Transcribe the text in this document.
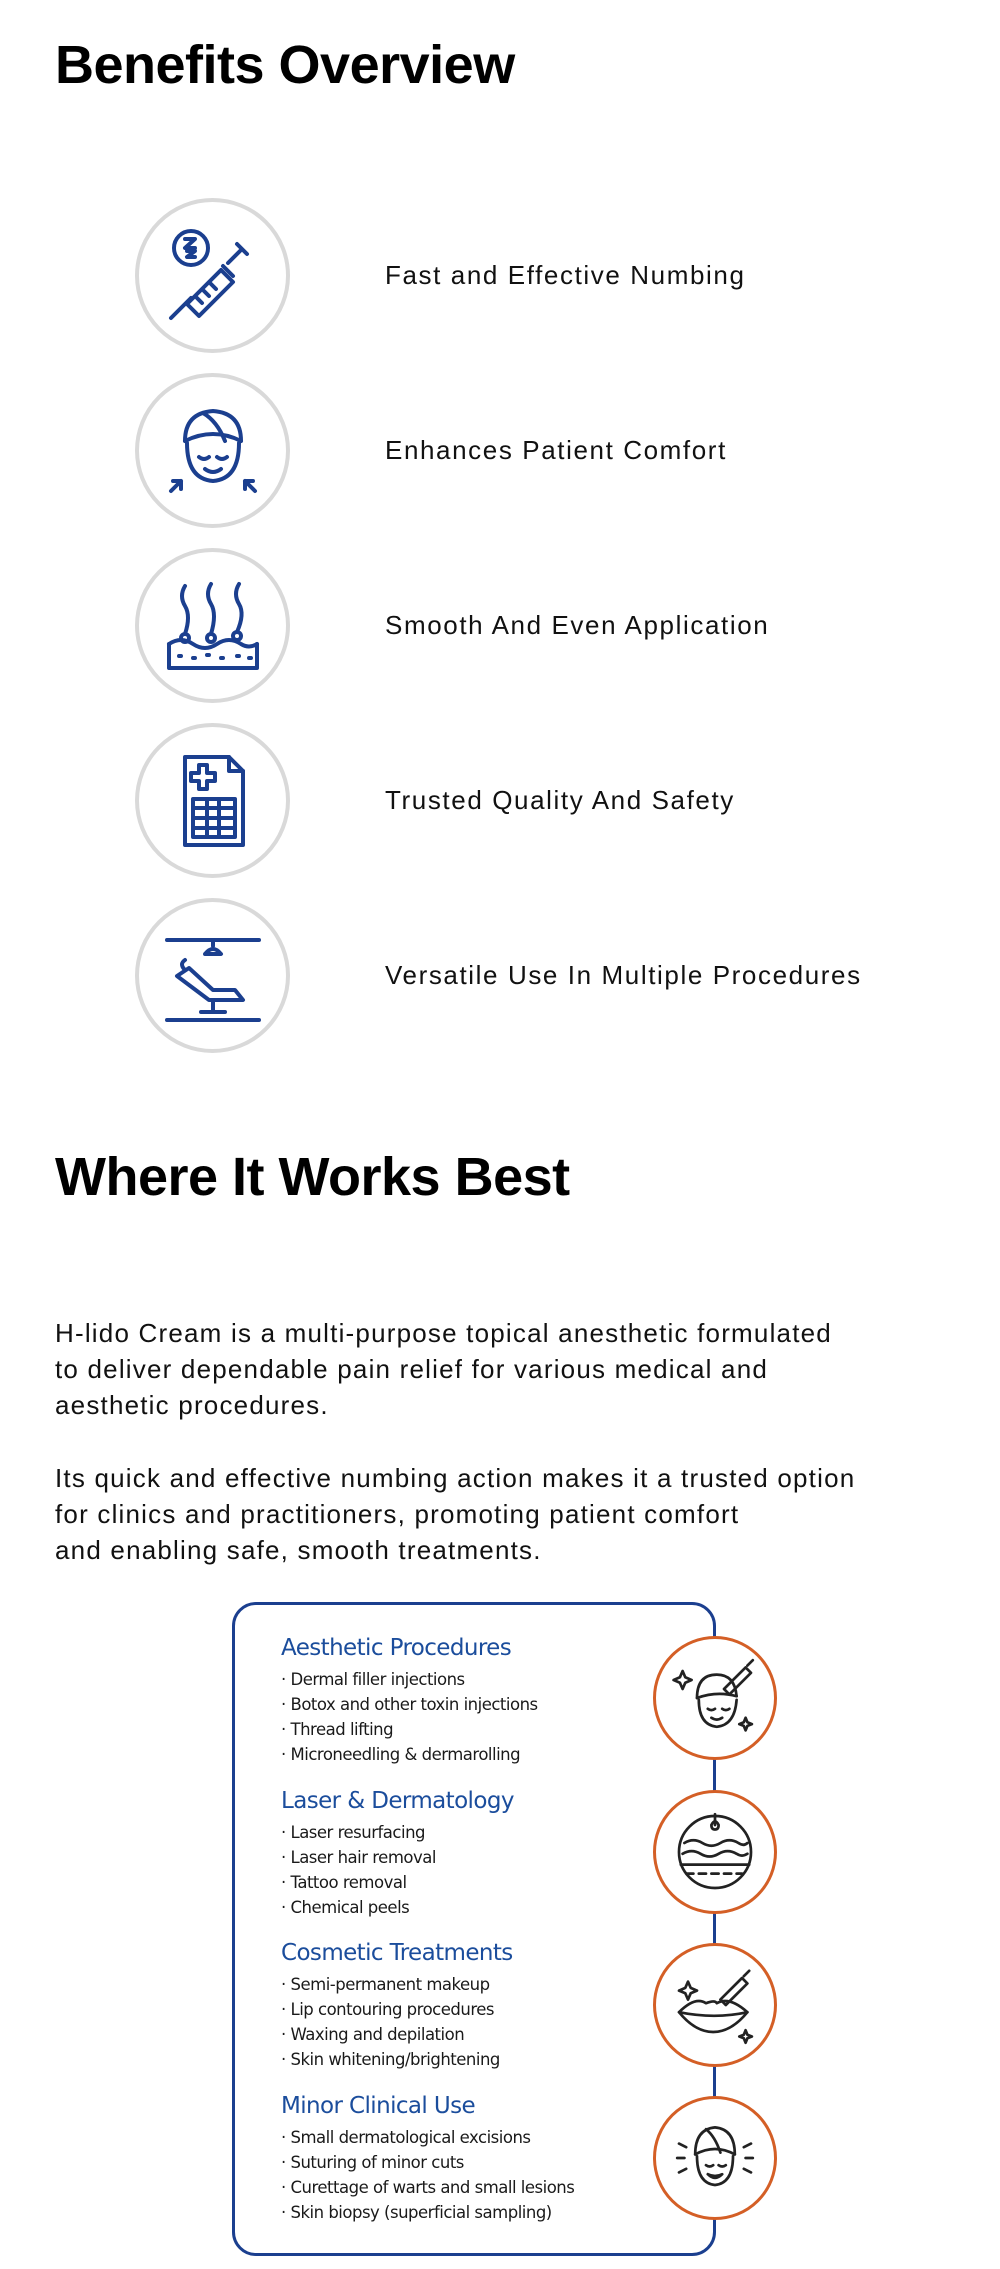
Benefits Overview
Fast and Effective Numbing
Enhances Patient Comfort
Smooth And Even Application
Trusted Quality And Safety
Versatile Use In Multiple Procedures
Where It Works Best
H-lido Cream is a multi-purpose topical anesthetic formulated
to deliver dependable pain relief for various medical and
aesthetic procedures.
Its quick and effective numbing action makes it a trusted option
for clinics and practitioners, promoting patient comfort
and enabling safe, smooth treatments.
Aesthetic Procedures
· Dermal filler injections
· Botox and other toxin injections
· Thread lifting
· Microneedling & dermarolling
Laser & Dermatology
· Laser resurfacing
· Laser hair removal
· Tattoo removal
· Chemical peels
Cosmetic Treatments
· Semi-permanent makeup
· Lip contouring procedures
· Waxing and depilation
· Skin whitening/brightening
Minor Clinical Use
· Small dermatological excisions
· Suturing of minor cuts
· Curettage of warts and small lesions
· Skin biopsy (superficial sampling)
